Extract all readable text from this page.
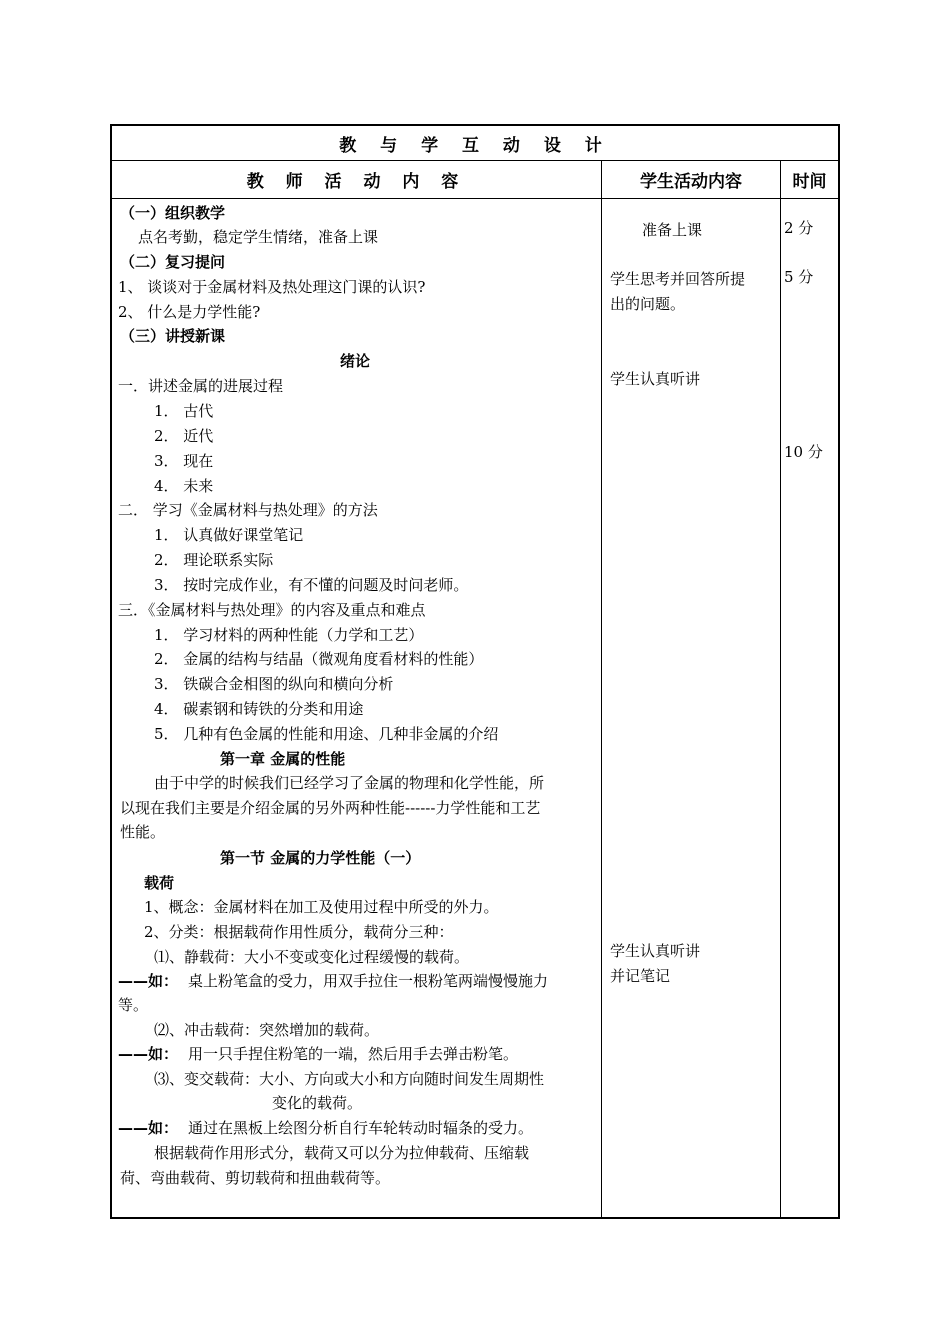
教 与 学 互 动 设 计
教 师 活 动 内 容	学生活动内容	时间
（一）组织教学
点名考勤，稳定学生情绪，准备上课
（二）复习提问
1、 谈谈对于金属材料及热处理这门课的认识?
2、 什么是力学性能?
（三）讲授新课
绪论
一．讲述金属的进展过程
1． 古代
2． 近代
3． 现在
4． 未来
二． 学习《金属材料与热处理》的方法
1． 认真做好课堂笔记
2． 理论联系实际
3． 按时完成作业，有不懂的问题及时问老师。
三．《金属材料与热处理》的内容及重点和难点
1． 学习材料的两种性能（力学和工艺）
2． 金属的结构与结晶（微观角度看材料的性能）
3． 铁碳合金相图的纵向和横向分析
4． 碳素钢和铸铁的分类和用途
5． 几种有色金属的性能和用途、几种非金属的介绍
第一章 金属的性能
由于中学的时候我们已经学习了金属的物理和化学性能，所
以现在我们主要是介绍金属的另外两种性能------力学性能和工艺
性能。
第一节 金属的力学性能（一）
载荷
1、概念：金属材料在加工及使用过程中所受的外力。
2、分类：根据载荷作用性质分，载荷分三种：
⑴、静载荷：大小不变或变化过程缓慢的载荷。
——如： 桌上粉笔盒的受力，用双手拉住一根粉笔两端慢慢施力
等。
⑵、冲击载荷：突然增加的载荷。
——如： 用一只手捏住粉笔的一端，然后用手去弹击粉笔。
⑶、变交载荷：大小、方向或大小和方向随时间发生周期性
变化的载荷。
——如： 通过在黑板上绘图分析自行车轮转动时辐条的受力。
根据载荷作用形式分，载荷又可以分为拉伸载荷、压缩载
荷、弯曲载荷、剪切载荷和扭曲载荷等。
准备上课
学生思考并回答所提
出的问题。
学生认真听讲
学生认真听讲
并记笔记
2 分
5 分
10 分
